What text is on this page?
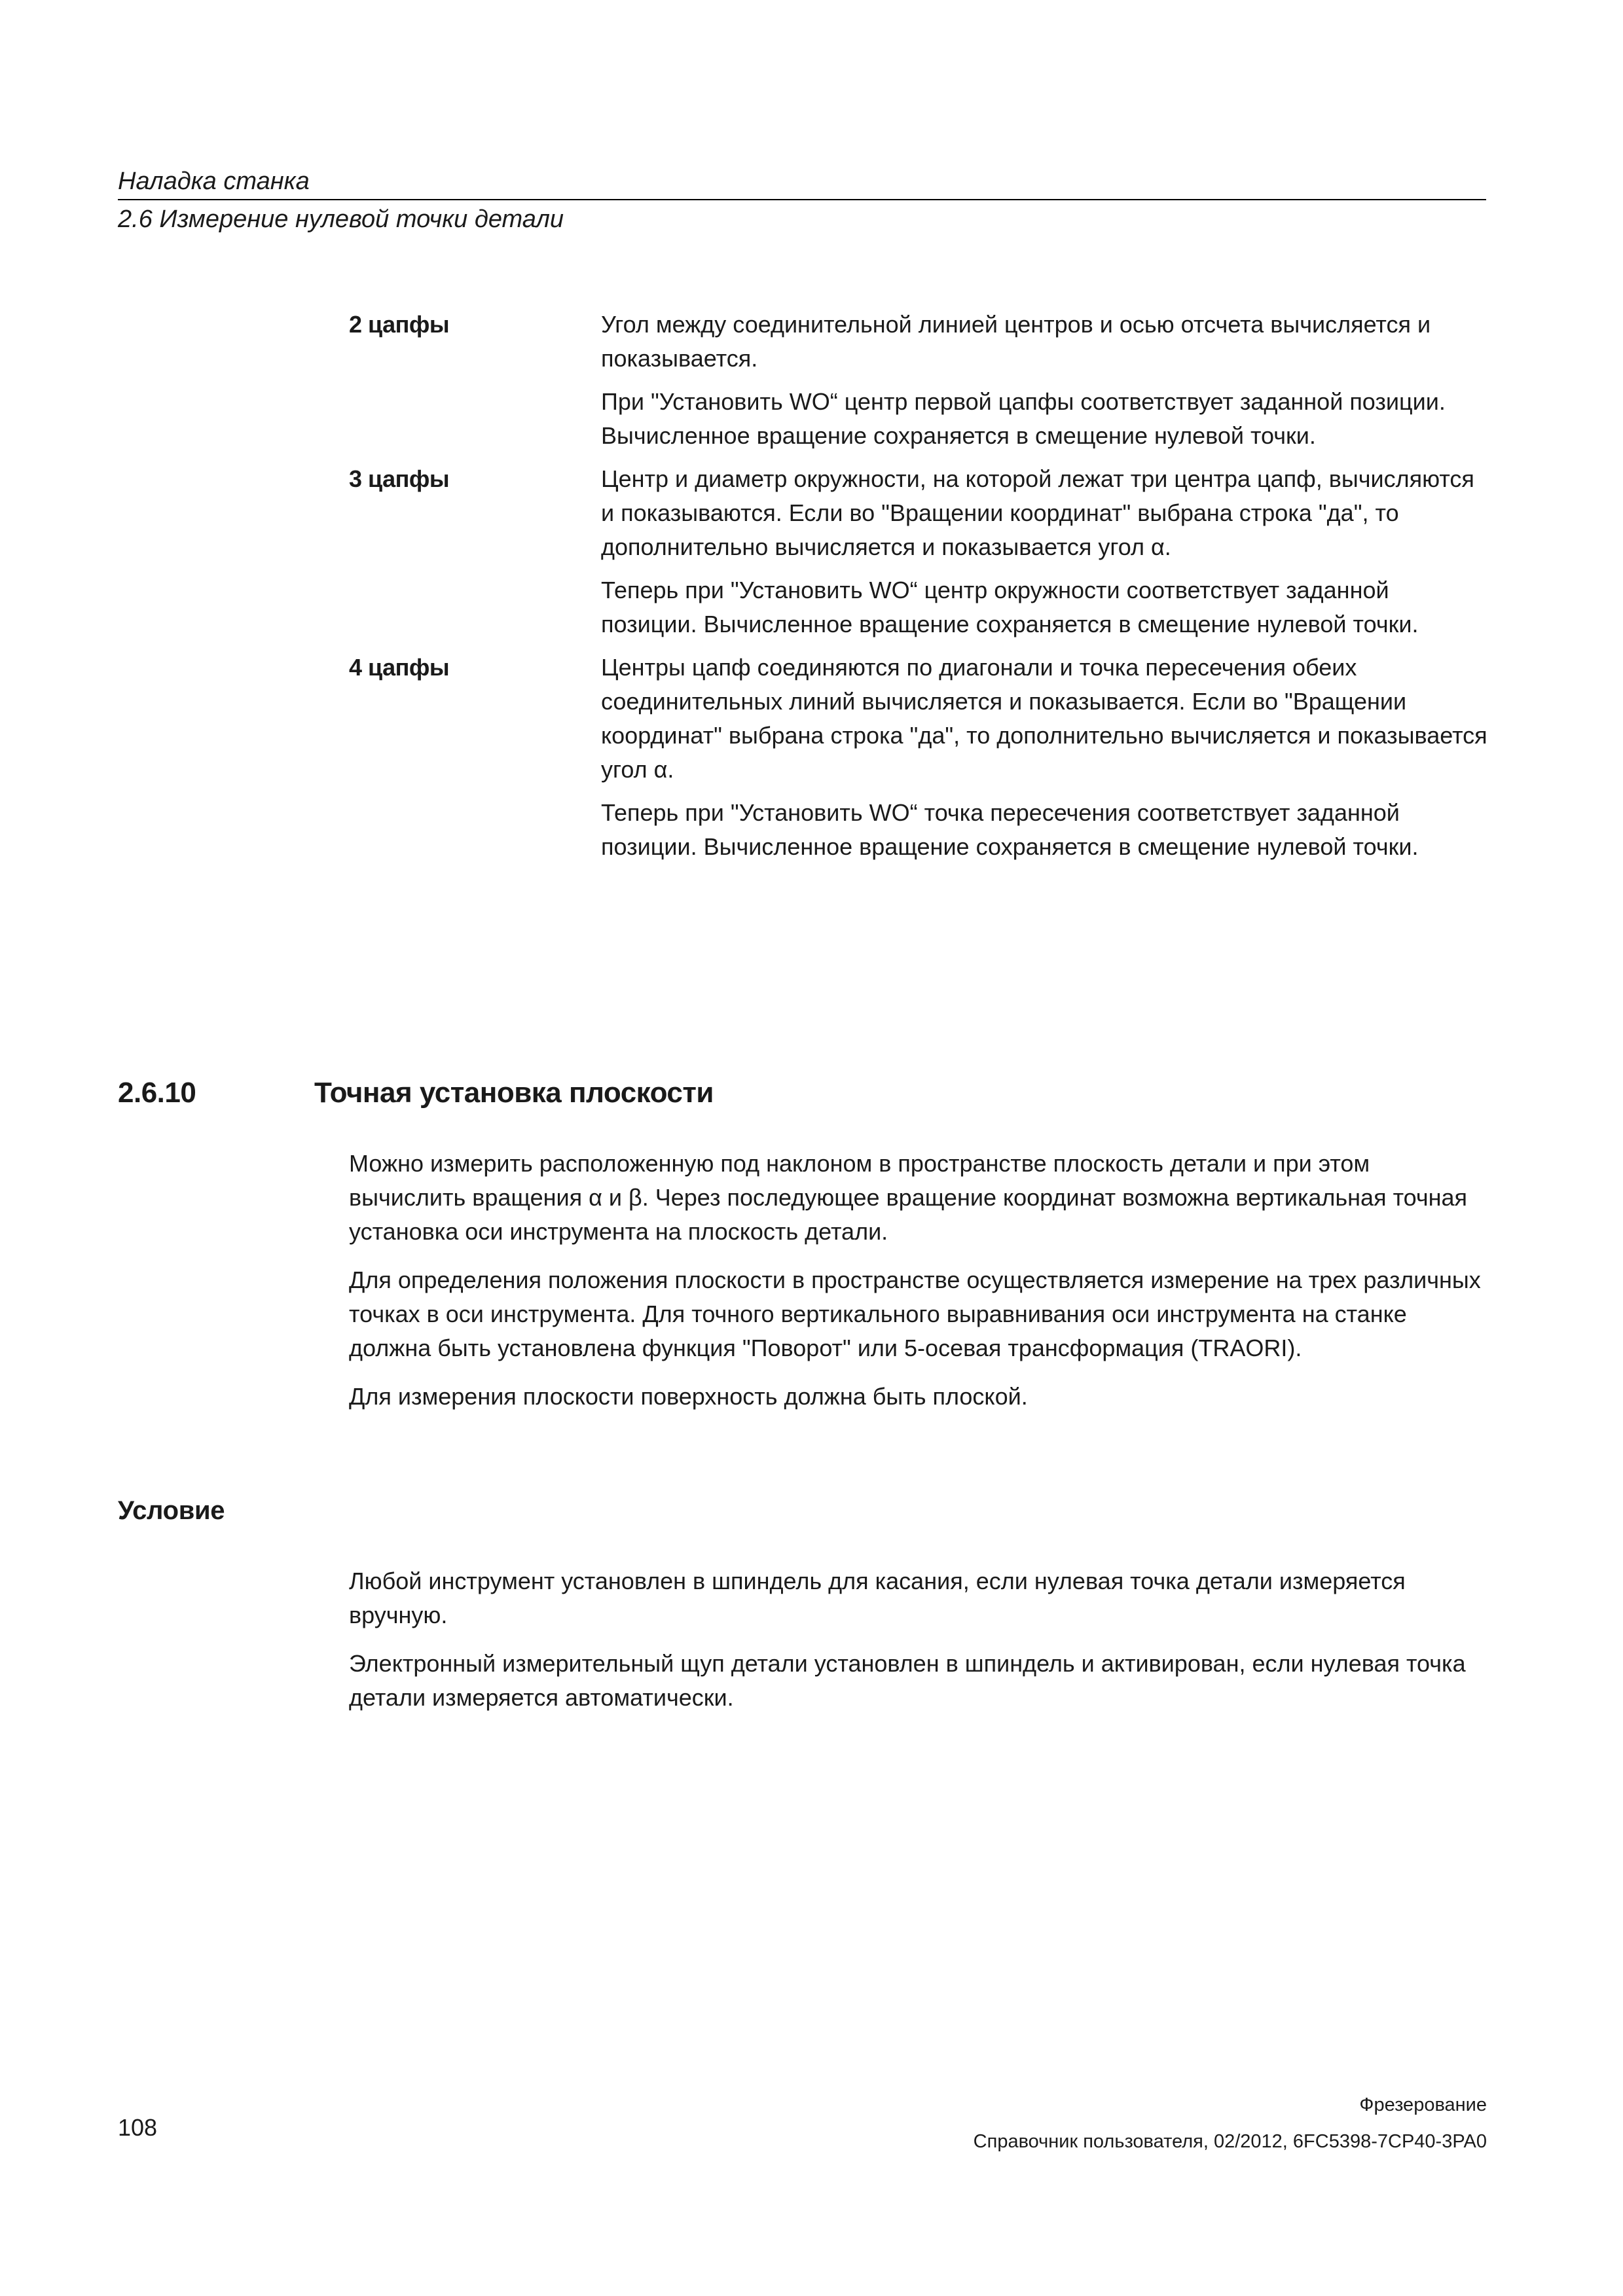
Наладка станка
2.6 Измерение нулевой точки детали
2 цапфы	Угол между соединительной линией центров и осью отсчета вычисляется и показывается.

При "Установить WO“ центр первой цапфы соответствует заданной позиции. Вычисленное вращение сохраняется в смещение нулевой точки.

3 цапфы	Центр и диаметр окружности, на которой лежат три центра цапф, вычисляются и показываются. Если во "Вращении координат" выбрана строка "да", то дополнительно вычисляется и показывается угол α.

Теперь при "Установить WO“ центр окружности соответствует заданной позиции. Вычисленное вращение сохраняется в смещение нулевой точки.

4 цапфы	Центры цапф соединяются по диагонали и точка пересечения обеих соединительных линий вычисляется и показывается. Если во "Вращении координат" выбрана строка "да", то дополнительно вычисляется и показывается угол α.

Теперь при "Установить WO“ точка пересечения соответствует заданной позиции. Вычисленное вращение сохраняется в смещение нулевой точки.

2.6.10	Точная установка плоскости

Можно измерить расположенную под наклоном в пространстве плоскость детали и при этом вычислить вращения α и β. Через последующее вращение координат возможна вертикальная точная установка оси инструмента на плоскость детали.

Для определения положения плоскости в пространстве осуществляется измерение на трех различных точках в оси инструмента. Для точного вертикального выравнивания оси инструмента на станке должна быть установлена функция "Поворот" или 5-осевая трансформация (TRAORI).

Для измерения плоскости поверхность должна быть плоской.

Условие

Любой инструмент установлен в шпиндель для касания, если нулевая точка детали измеряется вручную.

Электронный измерительный щуп детали установлен в шпиндель и активирован, если нулевая точка детали измеряется автоматически.

Фрезерование
Справочник пользователя, 02/2012, 6FC5398-7CP40-3PA0
108
